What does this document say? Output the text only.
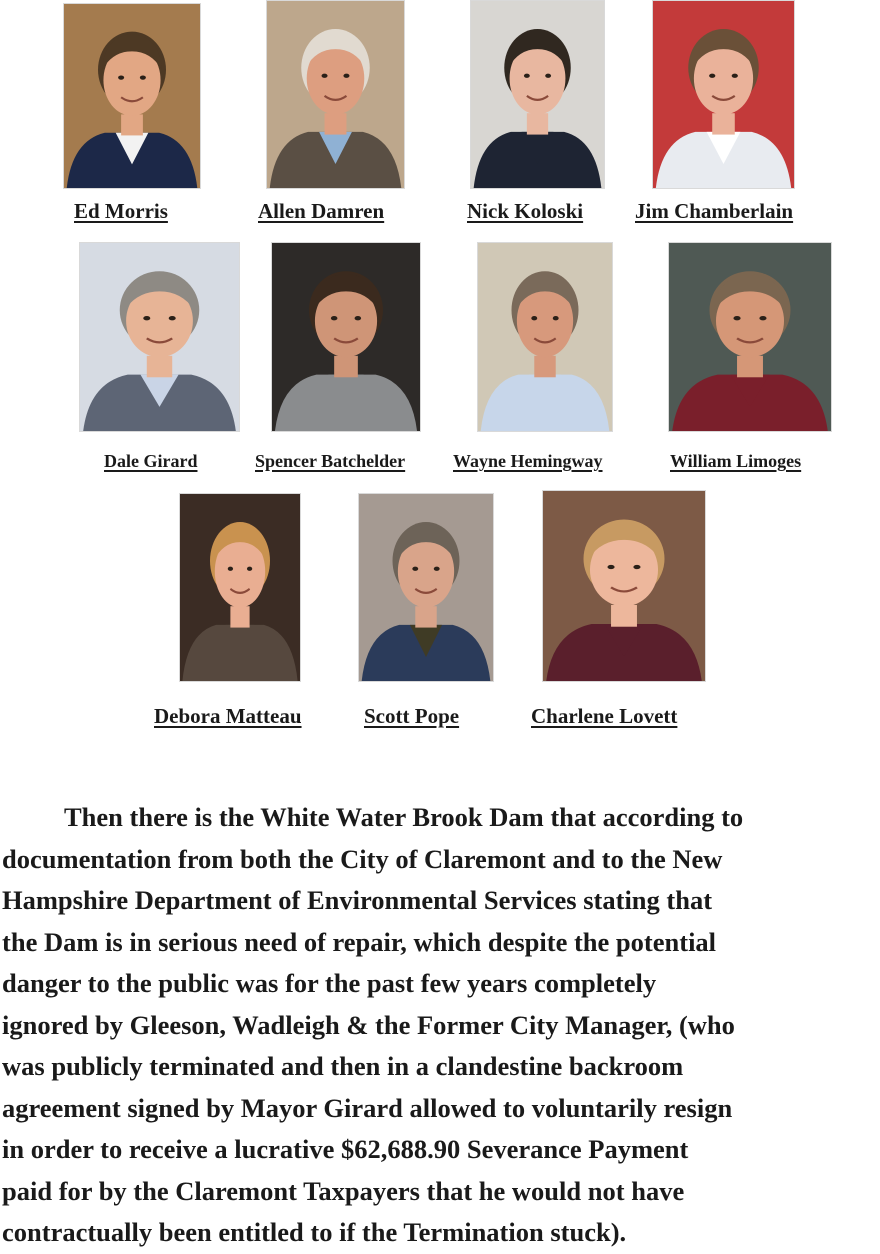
Ed Morris	Allen Damren	Nick Koloski Jim Chamberlain
Dale Girard	Spencer Batchelder	Wayne Hemingway	William Limoges
Debora Matteau	Scott Pope	Charlene Lovett
Then there is the White Water Brook Dam that according to
documentation from both the City of Claremont and to the New
Hampshire Department of Environmental Services stating that
the Dam is in serious need of repair, which despite the potential
danger to the public was for the past few years completely
ignored by Gleeson, Wadleigh & the Former City Manager, (who
was publicly terminated and then in a clandestine backroom
agreement signed by Mayor Girard allowed to voluntarily resign
in order to receive a lucrative $62,688.90 Severance Payment
paid for by the Claremont Taxpayers that he would not have
contractually been entitled to if the Termination stuck).
